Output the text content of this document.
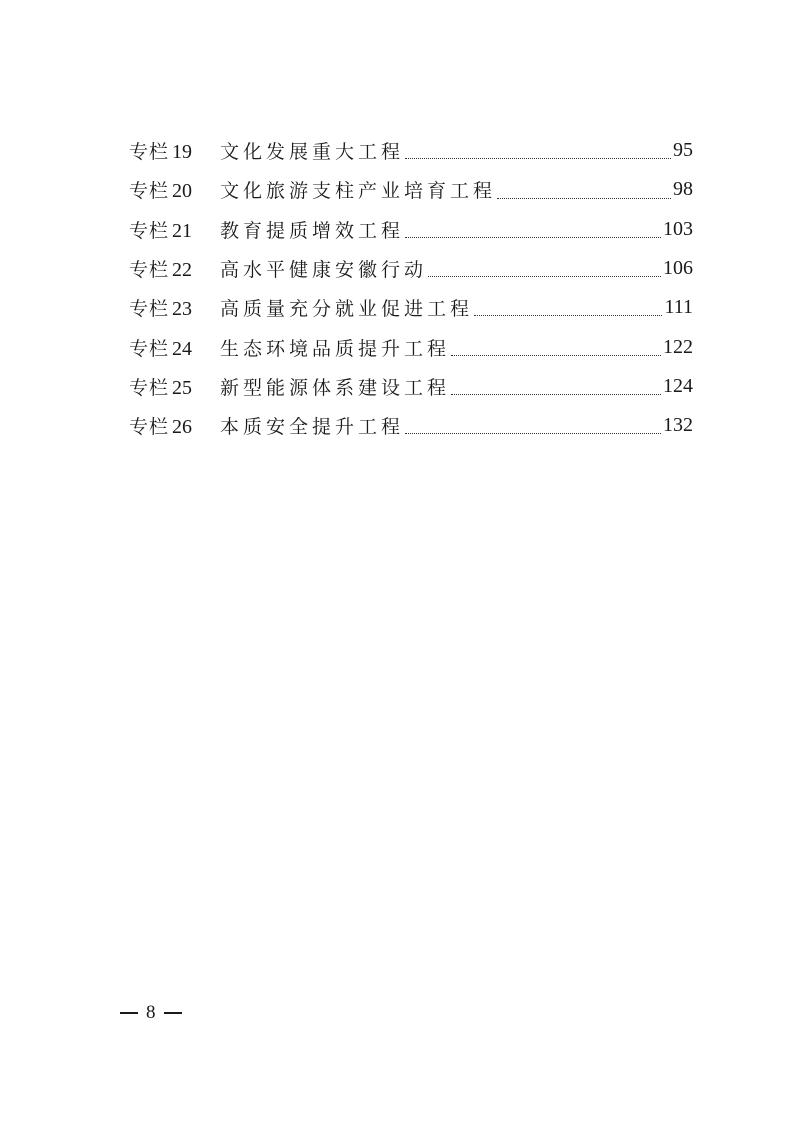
专栏 19	文化发展重大工程	95
专栏 20	文化旅游支柱产业培育工程	98
专栏 21	教育提质增效工程	103
专栏 22	高水平健康安徽行动	106
专栏 23	高质量充分就业促进工程	111
专栏 24	生态环境品质提升工程	122
专栏 25	新型能源体系建设工程	124
专栏 26	本质安全提升工程	132
8
